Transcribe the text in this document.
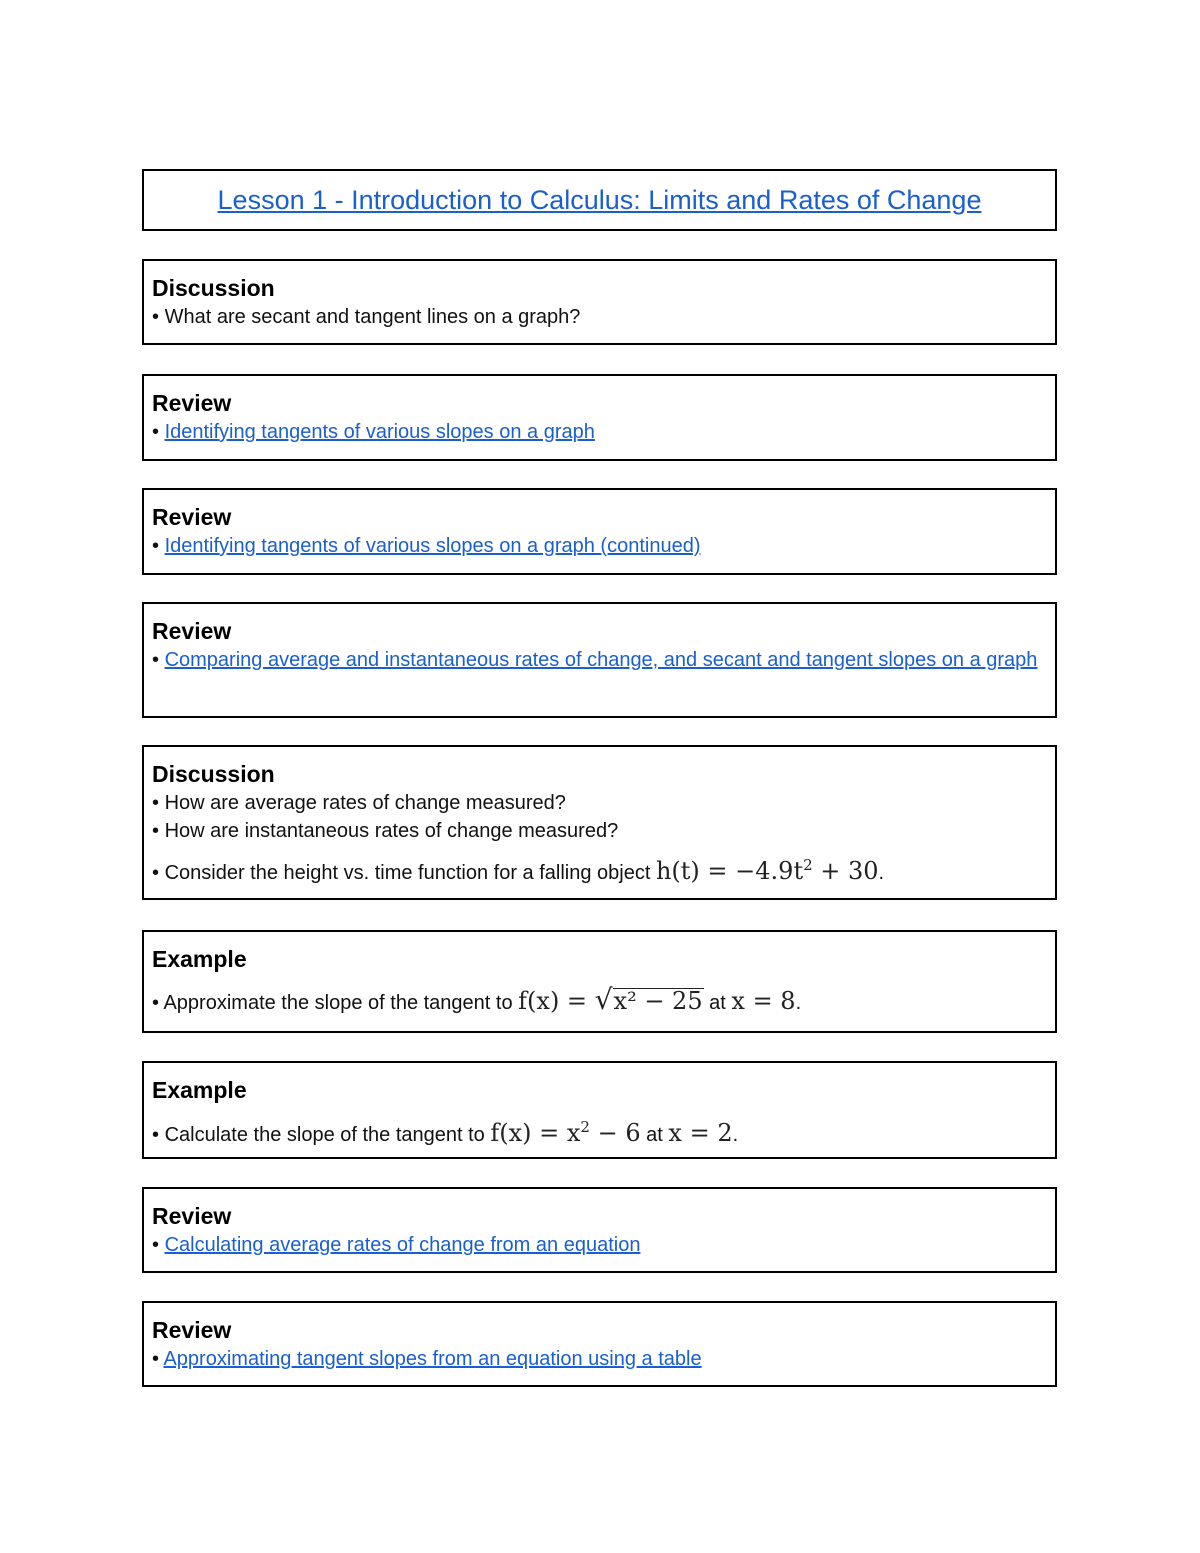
Lesson 1 - Introduction to Calculus: Limits and Rates of Change
Discussion
• What are secant and tangent lines on a graph?
Review
• Identifying tangents of various slopes on a graph
Review
• Identifying tangents of various slopes on a graph (continued)
Review
• Comparing average and instantaneous rates of change, and secant and tangent slopes on a graph
Discussion
• How are average rates of change measured?
• How are instantaneous rates of change measured?
• Consider the height vs. time function for a falling object $h(t) = -4.9t^2 + 30$.
Example
• Approximate the slope of the tangent to f(x) = √x² − 25 at x = 8.
Example
• Calculate the slope of the tangent to $f(x) = x^2 - 6$ at x = 2.
Review
• Calculating average rates of change from an equation
Review
• Approximating tangent slopes from an equation using a table
